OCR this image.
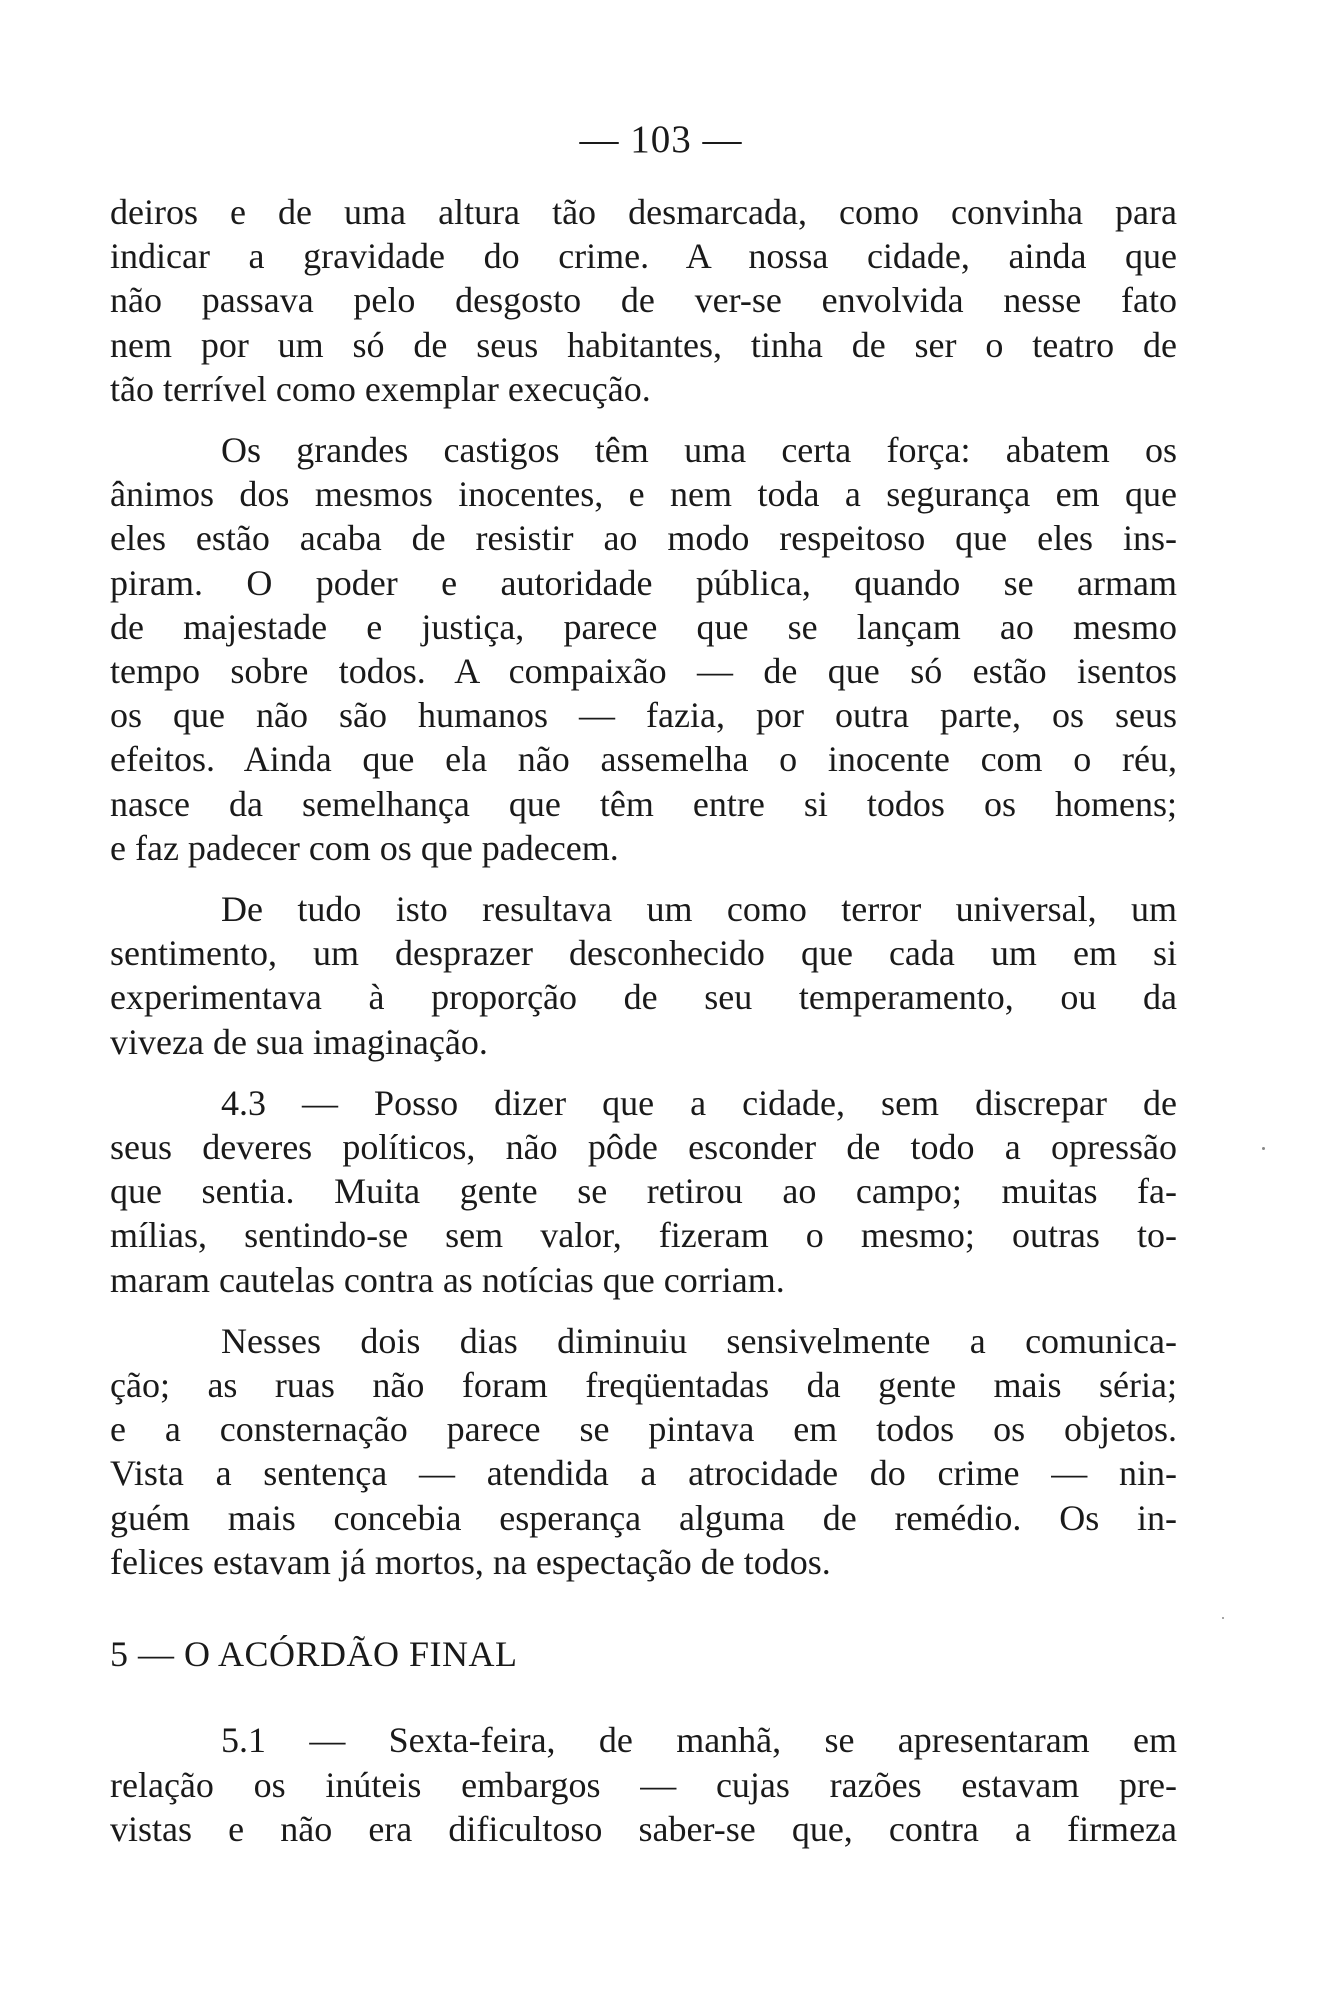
— 103 —

deiros e de uma altura tão desmarcada, como convinha para
indicar a gravidade do crime. A nossa cidade, ainda que
não passava pelo desgosto de ver-se envolvida nesse fato
nem por um só de seus habitantes, tinha de ser o teatro de
tão terrível como exemplar execução.

Os grandes castigos têm uma certa força: abatem os
ânimos dos mesmos inocentes, e nem toda a segurança em que
eles estão acaba de resistir ao modo respeitoso que eles ins-
piram. O poder e autoridade pública, quando se armam
de majestade e justiça, parece que se lançam ao mesmo
tempo sobre todos. A compaixão — de que só estão isentos
os que não são humanos — fazia, por outra parte, os seus
efeitos. Ainda que ela não assemelha o inocente com o réu,
nasce da semelhança que têm entre si todos os homens;
e faz padecer com os que padecem.

De tudo isto resultava um como terror universal, um
sentimento, um desprazer desconhecido que cada um em si
experimentava à proporção de seu temperamento, ou da
viveza de sua imaginação.

4.3 — Posso dizer que a cidade, sem discrepar de
seus deveres políticos, não pôde esconder de todo a opressão
que sentia. Muita gente se retirou ao campo; muitas fa-
mílias, sentindo-se sem valor, fizeram o mesmo; outras to-
maram cautelas contra as notícias que corriam.

Nesses dois dias diminuiu sensivelmente a comunica-
ção; as ruas não foram freqüentadas da gente mais séria;
e a consternação parece se pintava em todos os objetos.
Vista a sentença — atendida a atrocidade do crime — nin-
guém mais concebia esperança alguma de remédio. Os in-
felices estavam já mortos, na espectação de todos.

5 — O ACÓRDÃO FINAL

5.1 — Sexta-feira, de manhã, se apresentaram em
relação os inúteis embargos — cujas razões estavam pre-
vistas e não era dificultoso saber-se que, contra a firmeza
